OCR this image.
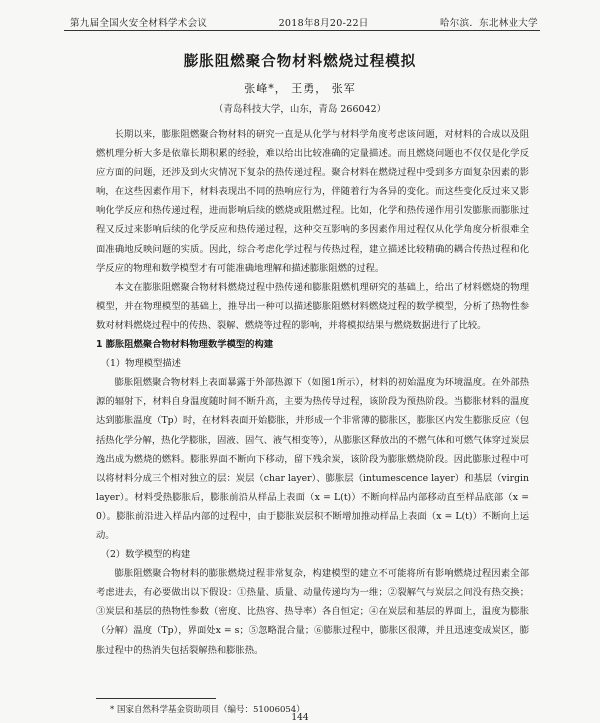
第九届全国火安全材料学术会议	2018年8月20-22日	哈尔滨．东北林业大学
膨胀阻燃聚合物材料燃烧过程模拟
张峰*， 王勇， 张军
（青岛科技大学，山东，青岛 266042）

长期以来，膨胀阻燃聚合物材料的研究一直是从化学与材料学角度考虑该问题，对材料的合成以及阻燃机理分析大多是依靠长期积累的经验，难以给出比较准确的定量描述。而且燃烧问题也不仅仅是化学反应方面的问题，还涉及到火灾情况下复杂的热传递过程。聚合材料在燃烧过程中受到多方面复杂因素的影响，在这些因素作用下，材料表现出不同的热响应行为，伴随着行为各异的变化。而这些变化反过来又影响化学反应和热传递过程，进而影响后续的燃烧或阻燃过程。比如，化学和热传递作用引发膨胀而膨胀过程又反过来影响后续的化学反应和热传递过程，这种交互影响的多因素作用过程仅从化学角度分析很难全面准确地反映问题的实质。因此，综合考虑化学过程与传热过程，建立描述比较精确的耦合传热过程和化学反应的物理和数学模型才有可能准确地理解和描述膨胀阻燃的过程。

本文在膨胀阻燃聚合物材料燃烧过程中热传递和膨胀阻燃机理研究的基础上，给出了材料燃烧的物理模型，并在物理模型的基础上，推导出一种可以描述膨胀阻燃材料燃烧过程的数学模型，分析了热物性参数对材料燃烧过程中的传热、裂解、燃烧等过程的影响，并将模拟结果与燃烧数据进行了比较。

1 膨胀阻燃聚合物材料物理数学模型的构建

（1）物理模型描述

膨胀阻燃聚合物材料上表面暴露于外部热源下（如图1所示），材料的初始温度为环境温度。在外部热源的辐射下，材料自身温度随时间不断升高，主要为热传导过程，该阶段为预热阶段。当膨胀材料的温度达到膨胀温度（Tp）时，在材料表面开始膨胀，并形成一个非常薄的膨胀区，膨胀区内发生膨胀反应（包括热化学分解，热化学膨胀，固液、固气、液气相变等），从膨胀区释放出的不燃气体和可燃气体穿过炭层逸出成为燃烧的燃料。膨胀界面不断向下移动，留下残余炭，该阶段为膨胀燃烧阶段。因此膨胀过程中可以将材料分成三个相对独立的层：炭层（char layer）、膨胀层（intumescence layer）和基层（virgin layer）。材料受热膨胀后，膨胀前沿从样品上表面（x = L(t)）不断向样品内部移动直至样品底部（x = 0）。膨胀前沿进入样品内部的过程中，由于膨胀炭层积不断增加推动样品上表面（x = L(t)）不断向上运动。

（2）数学模型的构建

膨胀阻燃聚合物材料的膨胀燃烧过程非常复杂，构建模型的建立不可能将所有影响燃烧过程因素全部考虑进去，有必要做出以下假设：①热量、质量、动量传递均为一维；②裂解气与炭层之间没有热交换；③炭层和基层的热物性参数（密度、比热容、热导率）各自恒定；④在炭层和基层的界面上，温度为膨胀（分解）温度（Tp），界面处x = s；⑤忽略混合量；⑥膨胀过程中，膨胀区很薄，并且迅速变成炭区，膨胀过程中的热消失包括裂解热和膨胀热。

* 国家自然科学基金资助项目（编号：51006054）
144
